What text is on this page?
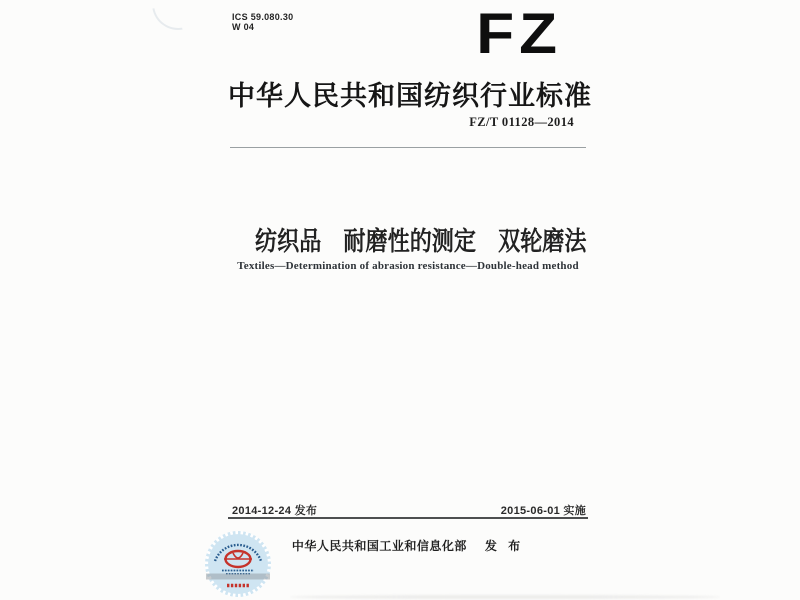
ICS 59.080.30
W 04	FZ
中华人民共和国纺织行业标准
FZ/T 01128—2014
纺织品　耐磨性的测定　双轮磨法
Textiles—Determination of abrasion resistance—Double-head method
2014-12-24 发布	2015-06-01 实施
中华人民共和国工业和信息化部 发 布
